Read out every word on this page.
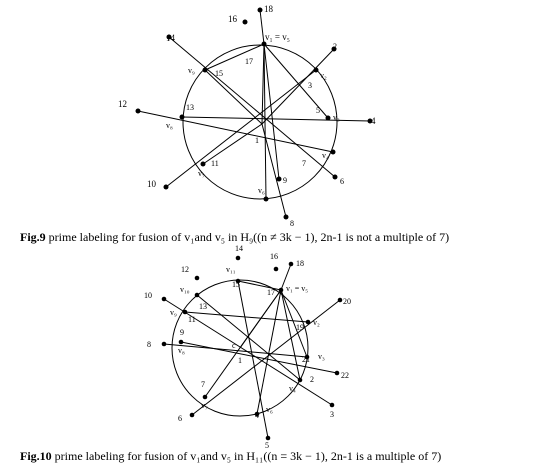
v₁ = v₅
v₂
v₃
v₄
v₆
v₇
v₈
v₉
18
16
14
17
15
2
3
12	13	5
4
1
11	7
6
10	9
8
Fig.9 prime labeling for fusion of v₁and v₅ in H₉((n ≠ 3k − 1), 2n-1 is not a multiple of 7)
v₁ = v₅
v₂
v₃
v₄
v₆
v₇
v₈
v₉
v₁₀
v₁₁
c
14
16
18
12
15
17
10
20
13
11
19
9
8
1	21
22
2
7
3
4
6
5
Fig.10 prime labeling for fusion of v₁and v₅ in H₁₁((n = 3k − 1), 2n-1 is a multiple of 7)
